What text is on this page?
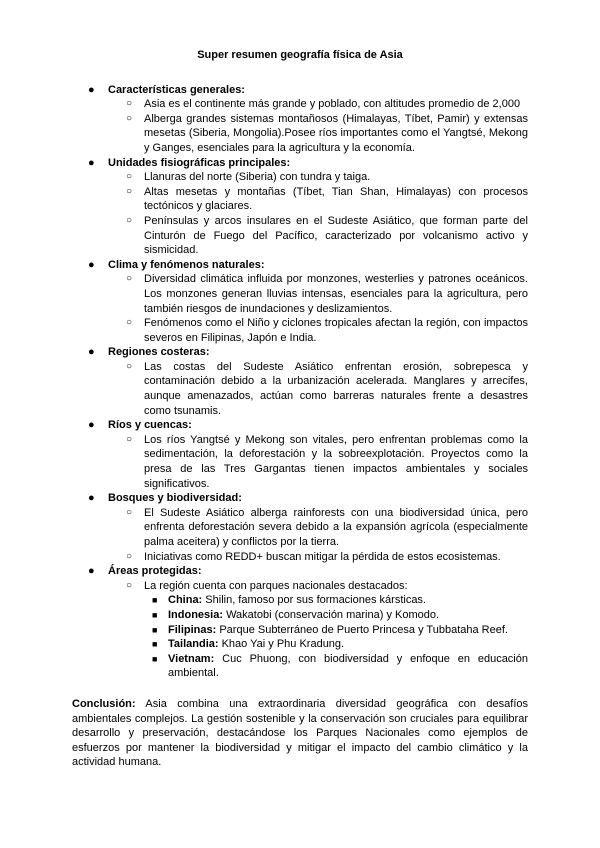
Super resumen geografía física de Asia
● Características generales:
○ Asia es el continente más grande y poblado, con altitudes promedio de 2,000
○ Alberga grandes sistemas montañosos (Himalayas, Tíbet, Pamir) y extensas mesetas (Siberia, Mongolia).Posee ríos importantes como el Yangtsé, Mekong y Ganges, esenciales para la agricultura y la economía.
● Unidades fisiográficas principales:
○ Llanuras del norte (Siberia) con tundra y taiga.
○ Altas mesetas y montañas (Tíbet, Tian Shan, Himalayas) con procesos tectónicos y glaciares.
○ Penínsulas y arcos insulares en el Sudeste Asiático, que forman parte del Cinturón de Fuego del Pacífico, caracterizado por volcanismo activo y sismicidad.
● Clima y fenómenos naturales:
○ Diversidad climática influida por monzones, westerlies y patrones oceánicos. Los monzones generan lluvias intensas, esenciales para la agricultura, pero también riesgos de inundaciones y deslizamientos.
○ Fenómenos como el Niño y ciclones tropicales afectan la región, con impactos severos en Filipinas, Japón e India.
● Regiones costeras:
○ Las costas del Sudeste Asiático enfrentan erosión, sobrepesca y contaminación debido a la urbanización acelerada. Manglares y arrecifes, aunque amenazados, actúan como barreras naturales frente a desastres como tsunamis.
● Ríos y cuencas:
○ Los ríos Yangtsé y Mekong son vitales, pero enfrentan problemas como la sedimentación, la deforestación y la sobreexplotación. Proyectos como la presa de las Tres Gargantas tienen impactos ambientales y sociales significativos.
● Bosques y biodiversidad:
○ El Sudeste Asiático alberga rainforests con una biodiversidad única, pero enfrenta deforestación severa debido a la expansión agrícola (especialmente palma aceitera) y conflictos por la tierra.
○ Iniciativas como REDD+ buscan mitigar la pérdida de estos ecosistemas.
● Áreas protegidas:
○ La región cuenta con parques nacionales destacados:
■ China: Shilin, famoso por sus formaciones kársticas.
■ Indonesia: Wakatobi (conservación marina) y Komodo.
■ Filipinas: Parque Subterráneo de Puerto Princesa y Tubbataha Reef.
■ Tailandia: Khao Yai y Phu Kradung.
■ Vietnam: Cuc Phuong, con biodiversidad y enfoque en educación ambiental.

Conclusión: Asia combina una extraordinaria diversidad geográfica con desafíos ambientales complejos. La gestión sostenible y la conservación son cruciales para equilibrar desarrollo y preservación, destacándose los Parques Nacionales como ejemplos de esfuerzos por mantener la biodiversidad y mitigar el impacto del cambio climático y la actividad humana.
